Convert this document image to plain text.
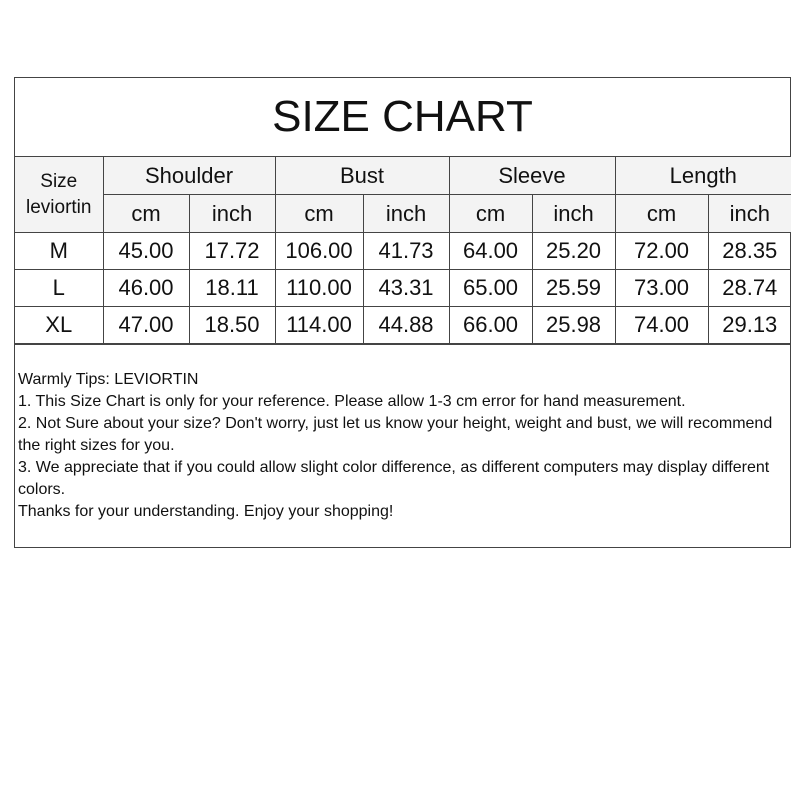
SIZE CHART
Size
leviortin	Shoulder		Bust		Sleeve		Length	
	cm	inch	cm	inch	cm	inch	cm	inch
M	45.00	17.72	106.00	41.73	64.00	25.20	72.00	28.35
L	46.00	18.11	110.00	43.31	65.00	25.59	73.00	28.74
XL	47.00	18.50	114.00	44.88	66.00	25.98	74.00	29.13
Warmly Tips: LEVIORTIN
1. This Size Chart is only for your reference. Please allow 1-3 cm error for hand measurement.
2. Not Sure about your size? Don't worry, just let us know your height, weight and bust, we will recommend the right sizes for you.
3. We appreciate that if you could allow slight color difference, as different computers may display different colors.
Thanks for your understanding. Enjoy your shopping!
